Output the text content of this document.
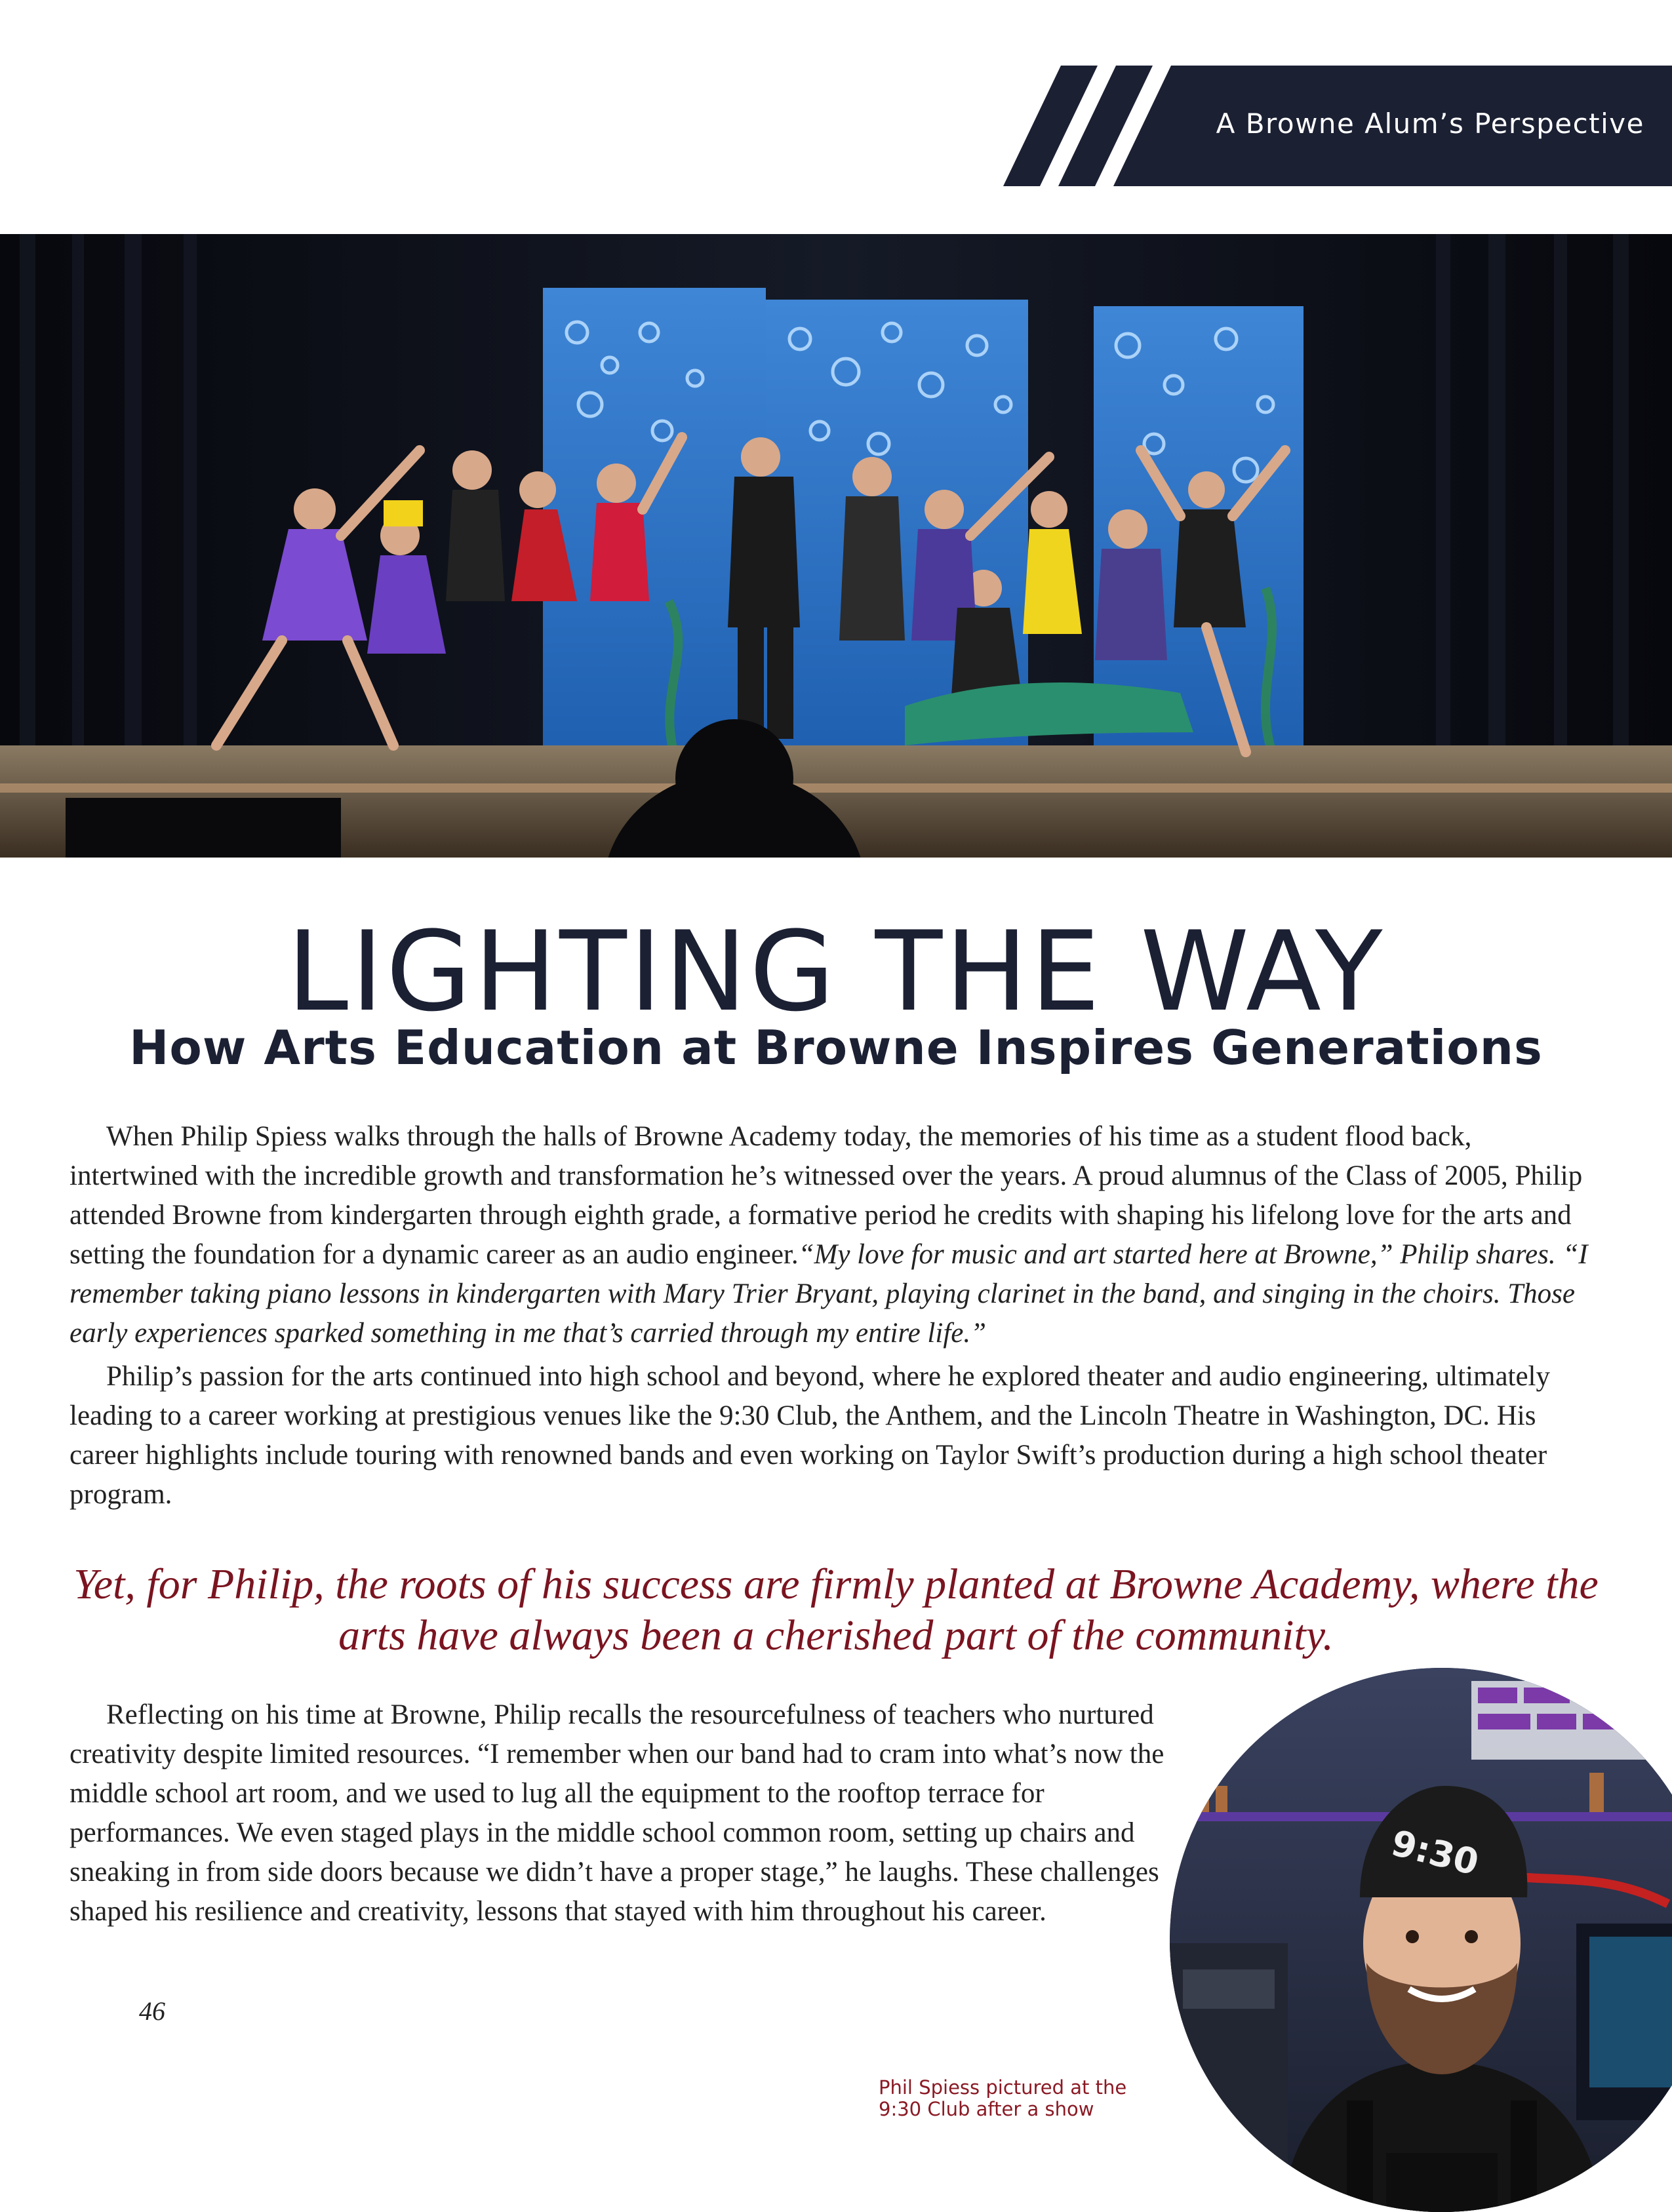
A Browne Alum’s Perspective
LIGHTING THE WAY
How Arts Education at Browne Inspires Generations

When Philip Spiess walks through the halls of Browne Academy today, the memories of his time as a student flood back, intertwined with the incredible growth and transformation he’s witnessed over the years. A proud alumnus of the Class of 2005, Philip attended Browne from kindergarten through eighth grade, a formative period he credits with shaping his lifelong love for the arts and setting the foundation for a dynamic career as an audio engineer.“My love for music and art started here at Browne,” Philip shares. “I remember taking piano lessons in kindergarten with Mary Trier Bryant, playing clarinet in the band, and singing in the choirs. Those early experiences sparked something in me that’s carried through my entire life.”

Philip’s passion for the arts continued into high school and beyond, where he explored theater and audio engineering, ultimately leading to a career working at prestigious venues like the 9:30 Club, the Anthem, and the Lincoln Theatre in Washington, DC. His career highlights include touring with renowned bands and even working on Taylor Swift’s production during a high school theater program.

Yet, for Philip, the roots of his success are firmly planted at Browne Academy, where the arts have always been a cherished part of the community.

Reflecting on his time at Browne, Philip recalls the resourcefulness of teachers who nurtured creativity despite limited resources. “I remember when our band had to cram into what’s now the middle school art room, and we used to lug all the equipment to the rooftop terrace for performances. We even staged plays in the middle school common room, setting up chairs and sneaking in from side doors because we didn’t have a proper stage,” he laughs. These challenges shaped his resilience and creativity, lessons that stayed with him throughout his career.

9:30
Phil Spiess pictured at the 9:30 Club after a show
46
